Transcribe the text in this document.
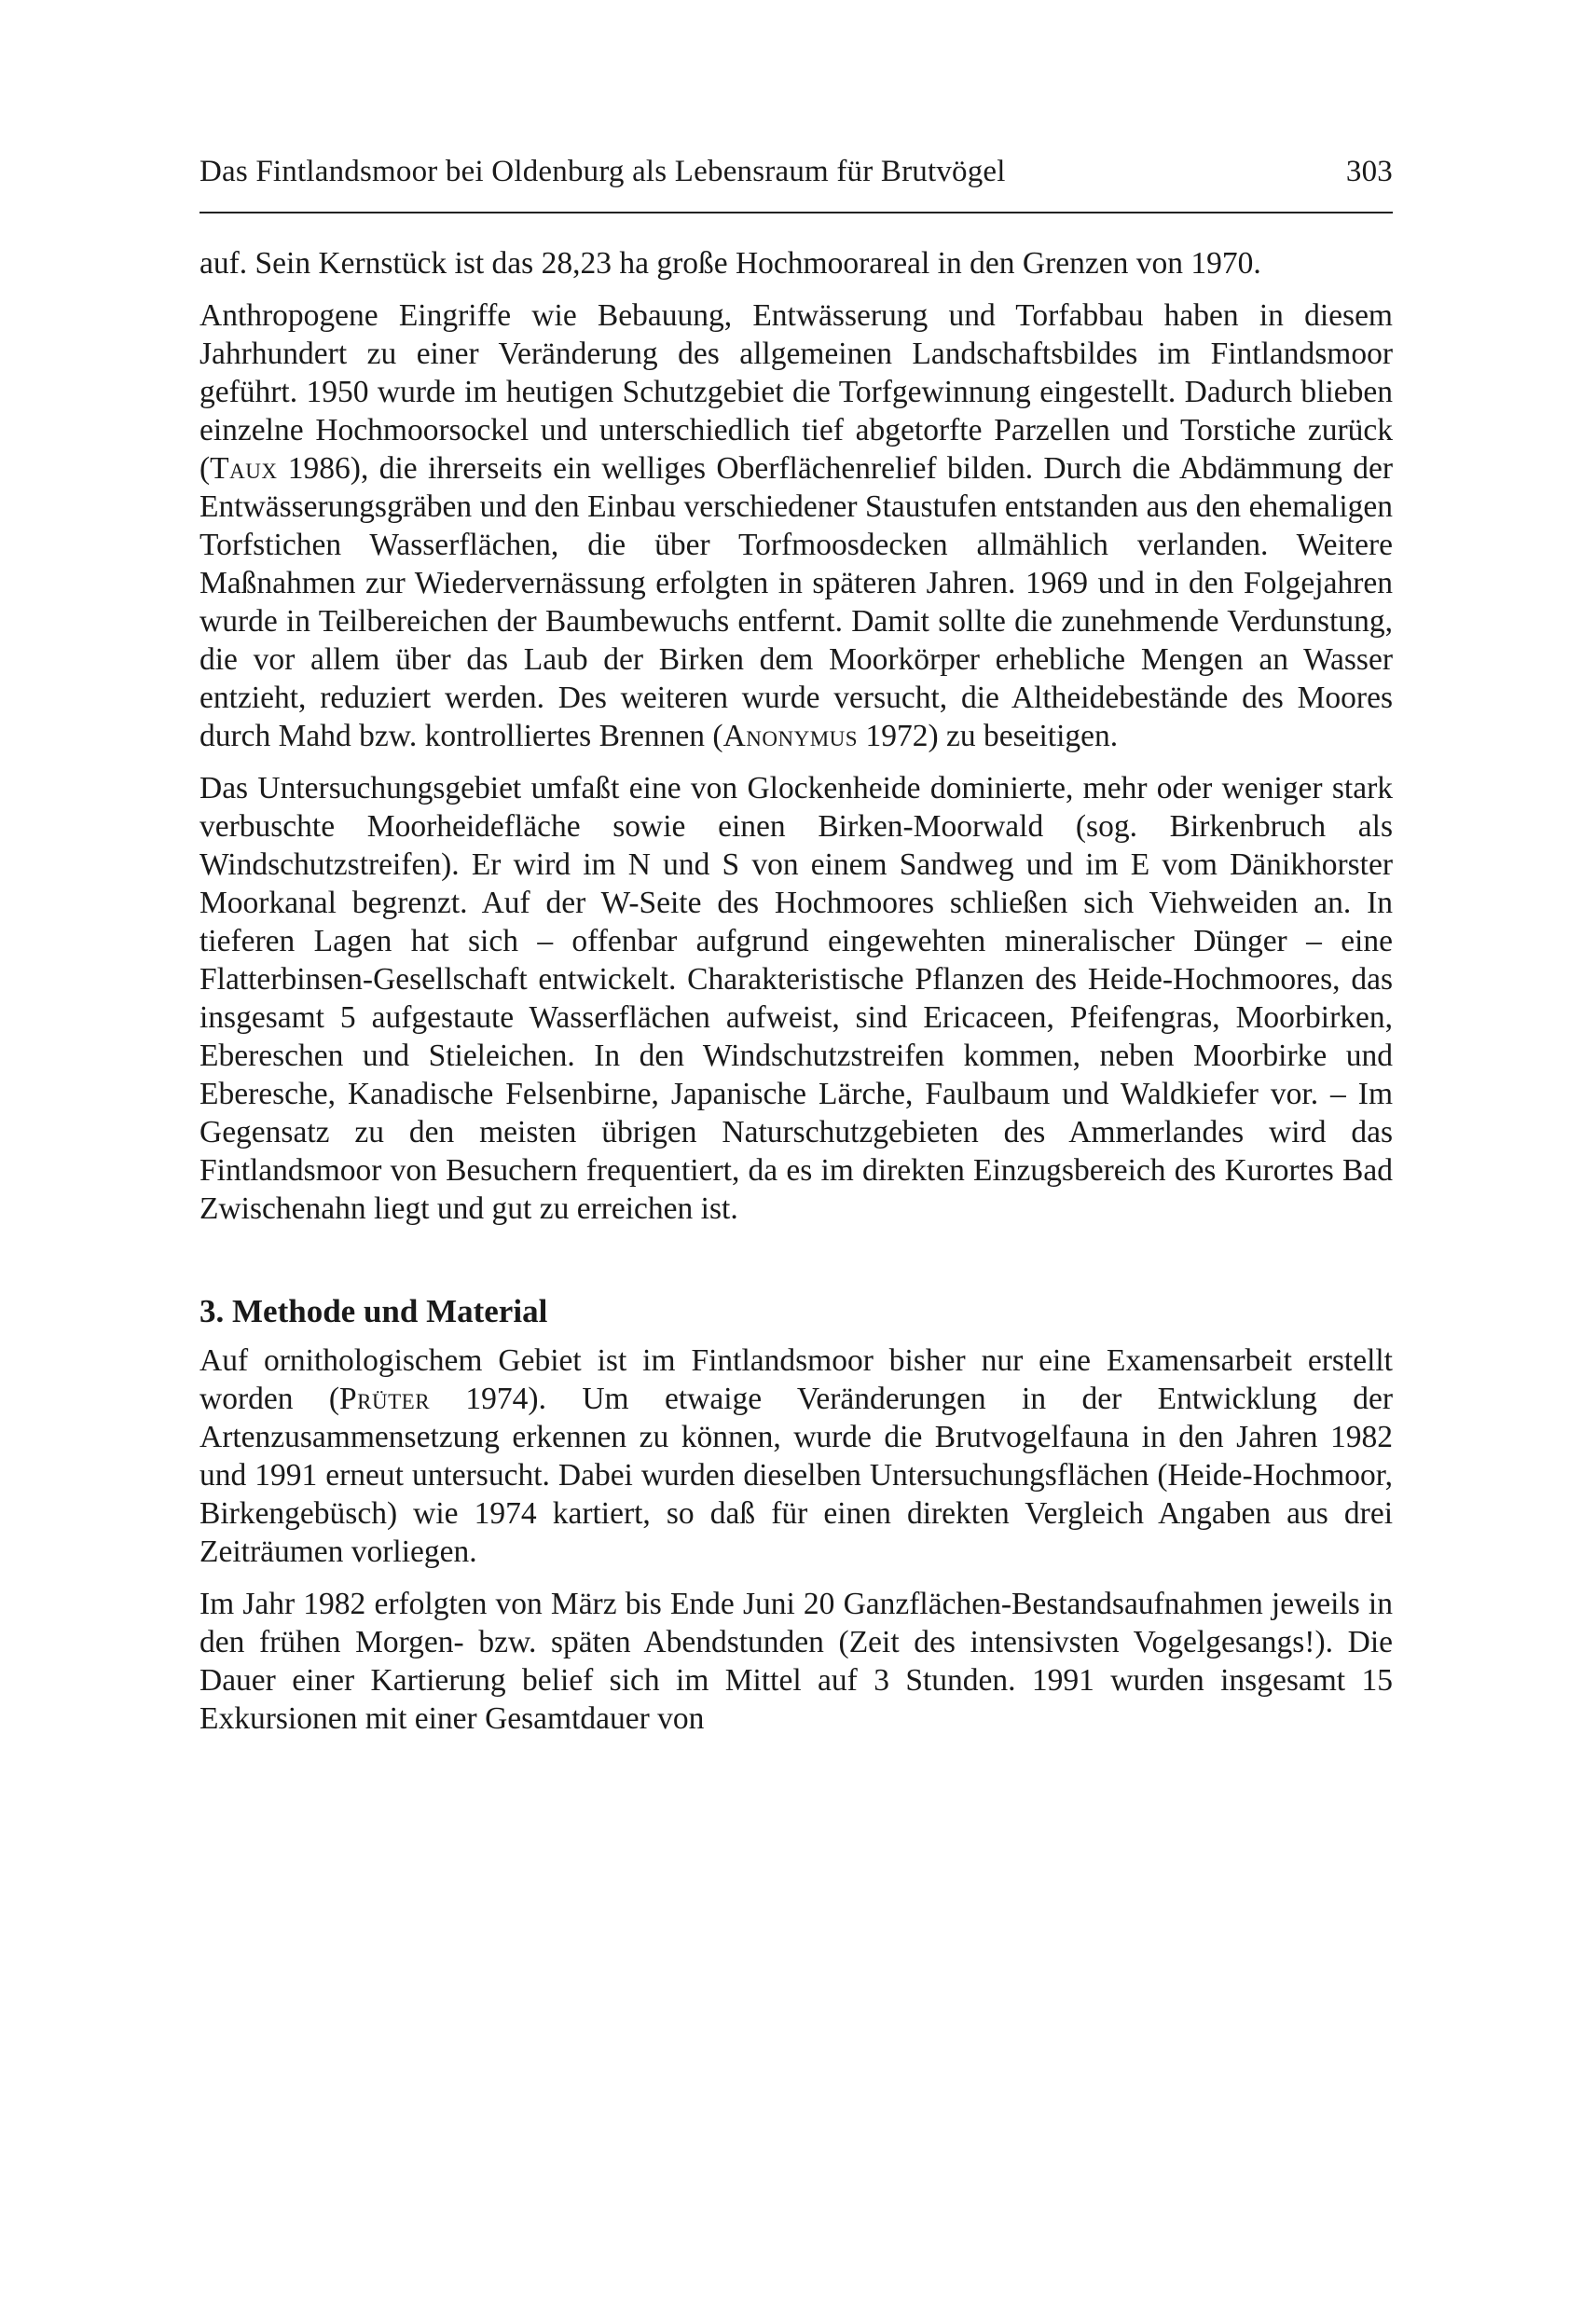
Das Fintlandsmoor bei Oldenburg als Lebensraum für Brutvögel	303

auf. Sein Kernstück ist das 28,23 ha große Hochmoorareal in den Grenzen von 1970.

Anthropogene Eingriffe wie Bebauung, Entwässerung und Torfabbau haben in diesem Jahrhundert zu einer Veränderung des allgemeinen Landschaftsbildes im Fintlandsmoor geführt. 1950 wurde im heutigen Schutzgebiet die Torfgewinnung eingestellt. Dadurch blieben einzelne Hochmoorsockel und unterschiedlich tief abgetorfte Parzellen und Torstiche zurück (Taux 1986), die ihrerseits ein welliges Oberflächenrelief bilden. Durch die Abdämmung der Entwässerungsgräben und den Einbau verschiedener Staustufen entstanden aus den ehemaligen Torfstichen Wasserflächen, die über Torfmoosdecken allmählich verlanden. Weitere Maßnahmen zur Wiedervernässung erfolgten in späteren Jahren. 1969 und in den Folgejahren wurde in Teilbereichen der Baumbewuchs entfernt. Damit sollte die zunehmende Verdunstung, die vor allem über das Laub der Birken dem Moorkörper erhebliche Mengen an Wasser entzieht, reduziert werden. Des weiteren wurde versucht, die Altheidebestände des Moores durch Mahd bzw. kontrolliertes Brennen (Anonymus 1972) zu beseitigen.

Das Untersuchungsgebiet umfaßt eine von Glockenheide dominierte, mehr oder weniger stark verbuschte Moorheidefläche sowie einen Birken-Moorwald (sog. Birkenbruch als Windschutzstreifen). Er wird im N und S von einem Sandweg und im E vom Dänikhorster Moorkanal begrenzt. Auf der W-Seite des Hochmoores schließen sich Viehweiden an. In tieferen Lagen hat sich – offenbar aufgrund eingewehten mineralischer Dünger – eine Flatterbinsen-Gesellschaft entwickelt. Charakteristische Pflanzen des Heide-Hochmoores, das insgesamt 5 aufgestaute Wasserflächen aufweist, sind Ericaceen, Pfeifengras, Moorbirken, Ebereschen und Stieleichen. In den Windschutzstreifen kommen, neben Moorbirke und Eberesche, Kanadische Felsenbirne, Japanische Lärche, Faulbaum und Waldkiefer vor. – Im Gegensatz zu den meisten übrigen Naturschutzgebieten des Ammerlandes wird das Fintlandsmoor von Besuchern frequentiert, da es im direkten Einzugsbereich des Kurortes Bad Zwischenahn liegt und gut zu erreichen ist.

3. Methode und Material

Auf ornithologischem Gebiet ist im Fintlandsmoor bisher nur eine Examensarbeit erstellt worden (Prüter 1974). Um etwaige Veränderungen in der Entwicklung der Artenzusammensetzung erkennen zu können, wurde die Brutvogelfauna in den Jahren 1982 und 1991 erneut untersucht. Dabei wurden dieselben Untersuchungsflächen (Heide-Hochmoor, Birkengebüsch) wie 1974 kartiert, so daß für einen direkten Vergleich Angaben aus drei Zeiträumen vorliegen.

Im Jahr 1982 erfolgten von März bis Ende Juni 20 Ganzflächen-Bestandsaufnahmen jeweils in den frühen Morgen- bzw. späten Abendstunden (Zeit des intensivsten Vogelgesangs!). Die Dauer einer Kartierung belief sich im Mittel auf 3 Stunden. 1991 wurden insgesamt 15 Exkursionen mit einer Gesamtdauer von
